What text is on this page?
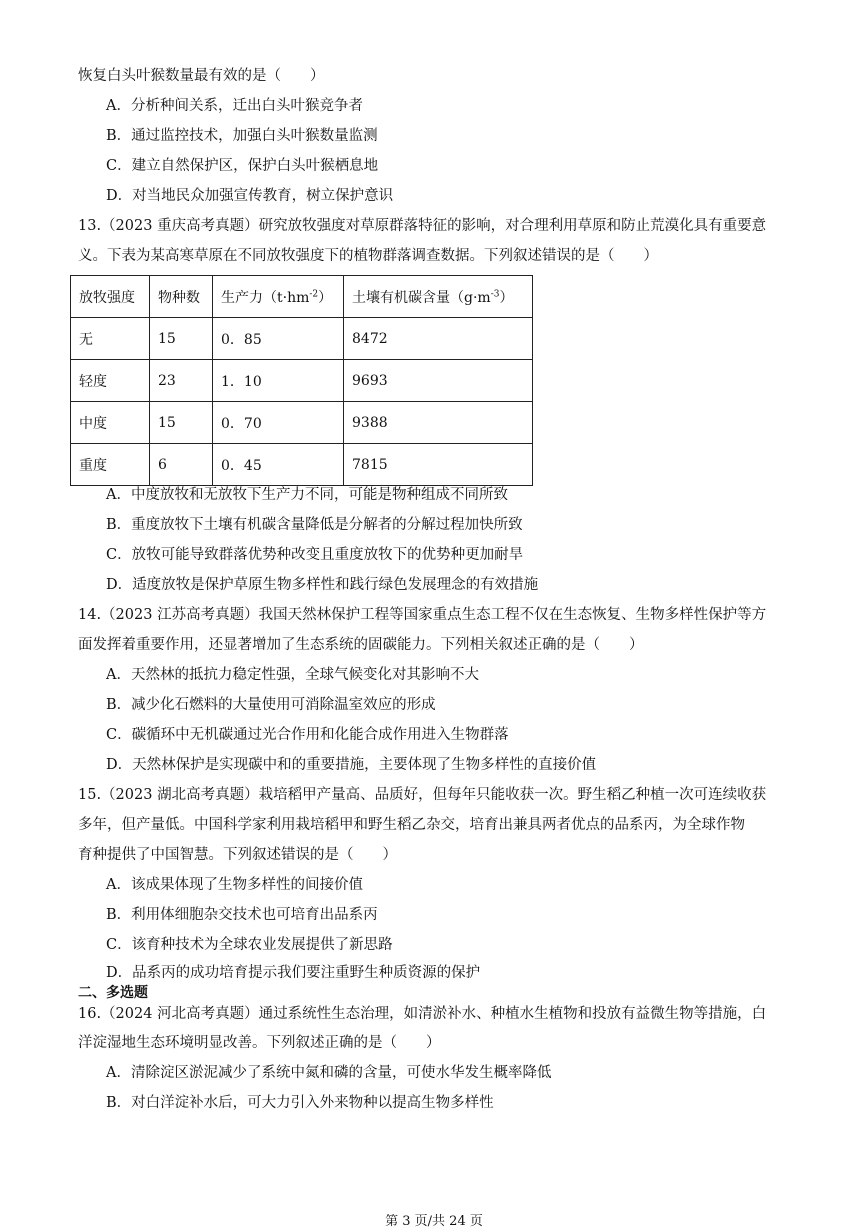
恢复白头叶猴数量最有效的是（　　）
A．分析种间关系，迁出白头叶猴竞争者
B．通过监控技术，加强白头叶猴数量监测
C．建立自然保护区，保护白头叶猴栖息地
D．对当地民众加强宣传教育，树立保护意识
13.（2023 重庆高考真题）研究放牧强度对草原群落特征的影响，对合理利用草原和防止荒漠化具有重要意
义。下表为某高寒草原在不同放牧强度下的植物群落调查数据。下列叙述错误的是（　　）
放牧强度	物种数	生产力$(t\cdot hm^{-2})$	土壤有机碳含量$(g\cdot m^{-3})$
无	15	0．85	8472
轻度	23	1．10	9693
中度	15	0．70	9388
重度	6	0．45	7815
A．中度放牧和无放牧下生产力不同，可能是物种组成不同所致
B．重度放牧下土壤有机碳含量降低是分解者的分解过程加快所致
C．放牧可能导致群落优势种改变且重度放牧下的优势种更加耐旱
D．适度放牧是保护草原生物多样性和践行绿色发展理念的有效措施
14.（2023 江苏高考真题）我国天然林保护工程等国家重点生态工程不仅在生态恢复、生物多样性保护等方
面发挥着重要作用，还显著增加了生态系统的固碳能力。下列相关叙述正确的是（　　）
A．天然林的抵抗力稳定性强，全球气候变化对其影响不大
B．减少化石燃料的大量使用可消除温室效应的形成
C．碳循环中无机碳通过光合作用和化能合成作用进入生物群落
D．天然林保护是实现碳中和的重要措施，主要体现了生物多样性的直接价值
15.（2023 湖北高考真题）栽培稻甲产量高、品质好，但每年只能收获一次。野生稻乙种植一次可连续收获
多年，但产量低。中国科学家利用栽培稻甲和野生稻乙杂交，培育出兼具两者优点的品系丙，为全球作物
育种提供了中国智慧。下列叙述错误的是（　　）
A．该成果体现了生物多样性的间接价值
B．利用体细胞杂交技术也可培育出品系丙
C．该育种技术为全球农业发展提供了新思路
D．品系丙的成功培育提示我们要注重野生种质资源的保护
二、多选题
16.（2024 河北高考真题）通过系统性生态治理，如清淤补水、种植水生植物和投放有益微生物等措施，白
洋淀湿地生态环境明显改善。下列叙述正确的是（　　）
A．清除淀区淤泥减少了系统中氮和磷的含量，可使水华发生概率降低
B．对白洋淀补水后，可大力引入外来物种以提高生物多样性
第 3 页/共 24 页
